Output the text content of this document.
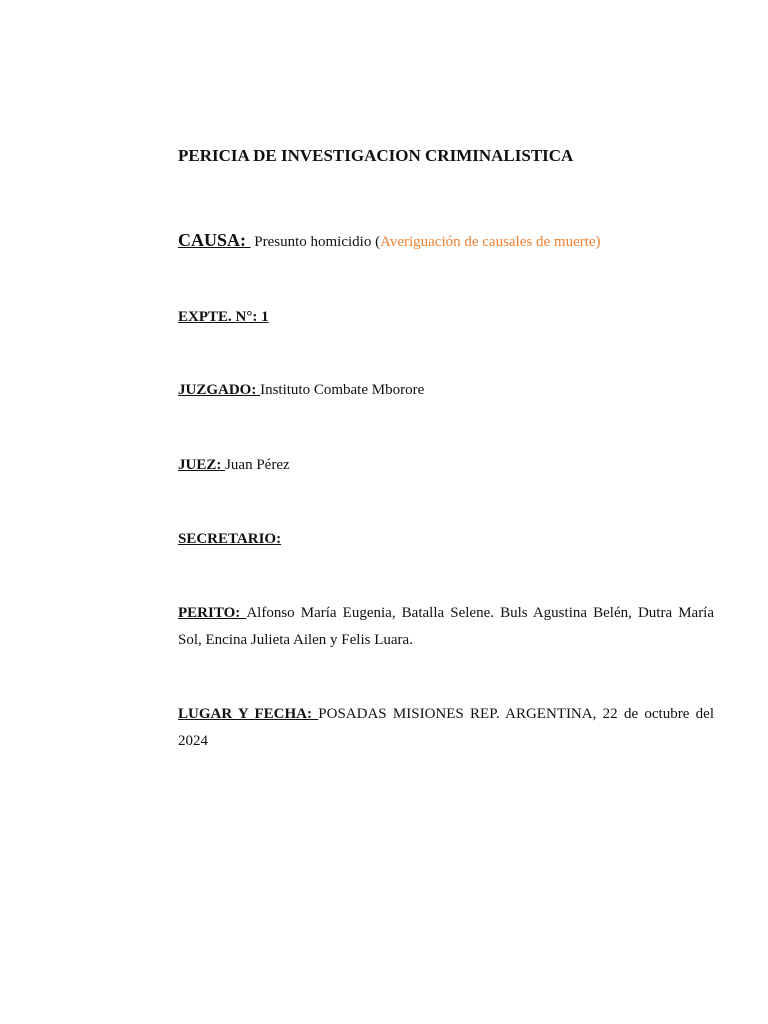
PERICIA DE INVESTIGACION CRIMINALISTICA

CAUSA:  Presunto homicidio (Averiguación de causales de muerte)

EXPTE. N°: 1

JUZGADO: Instituto Combate Mborore

JUEZ: Juan Pérez

SECRETARIO:

PERITO: Alfonso María Eugenia, Batalla Selene. Buls Agustina Belén, Dutra María Sol, Encina Julieta Ailen y Felis Luara.

LUGAR Y FECHA: POSADAS MISIONES REP. ARGENTINA, 22 de octubre del 2024
